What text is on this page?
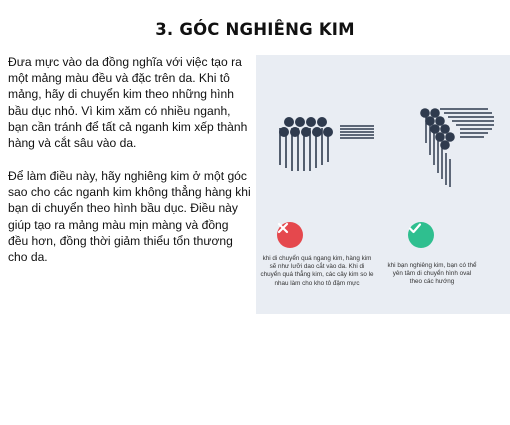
3. GÓC NGHIÊNG KIM
Đưa mực vào da đồng nghĩa với việc tạo ra một mảng màu đều và đặc trên da. Khi tô mảng, hãy di chuyển kim theo những hình bầu dục nhỏ. Vì kim xăm có nhiều nganh, bạn cần tránh để tất cả nganh kim xếp thành hàng và cắt sâu vào da.
Để làm điều này, hãy nghiêng kim ở một góc sao cho các nganh kim không thẳng hàng khi bạn di chuyển theo hình bầu dục. Điều này giúp tạo ra mảng màu mịn màng và đồng đều hơn, đồng thời giảm thiểu tổn thương cho da.	khi di chuyển quá ngang kim, hàng kim sẽ như lưỡi dao cắt vào da. Khi di chuyển quá thẳng kim, các cây kim so le nhau làm cho kho tô đậm mực
khi bạn nghiêng kim, bạn có thể yên tâm di chuyển hình oval theo các hướng
